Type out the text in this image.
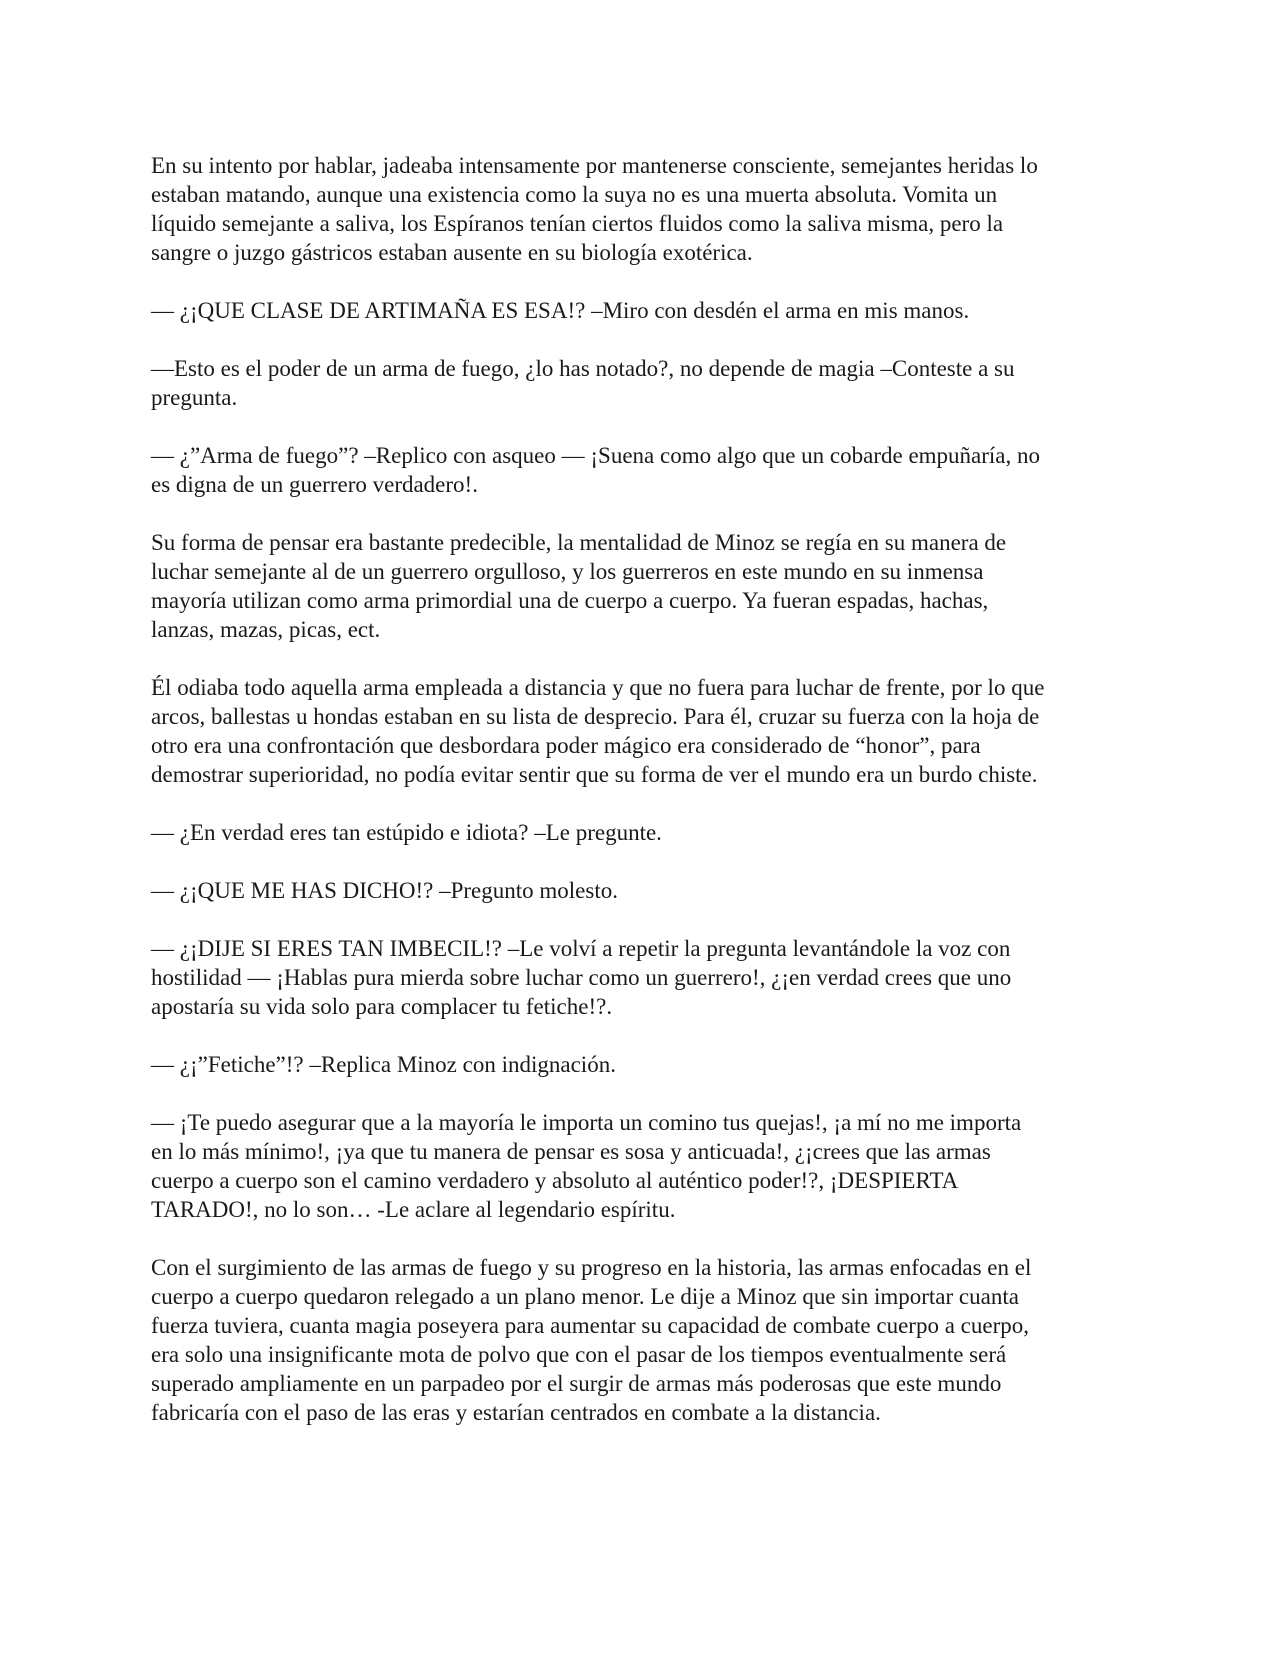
En su intento por hablar, jadeaba intensamente por mantenerse consciente, semejantes heridas lo
estaban matando, aunque una existencia como la suya no es una muerta absoluta. Vomita un
líquido semejante a saliva, los Espíranos tenían ciertos fluidos como la saliva misma, pero la
sangre o juzgo gástricos estaban ausente en su biología exotérica.

— ¿¡QUE CLASE DE ARTIMAÑA ES ESA!? –Miro con desdén el arma en mis manos.

—Esto es el poder de un arma de fuego, ¿lo has notado?, no depende de magia –Conteste a su
pregunta.

— ¿”Arma de fuego”? –Replico con asqueo — ¡Suena como algo que un cobarde empuñaría, no
es digna de un guerrero verdadero!.

Su forma de pensar era bastante predecible, la mentalidad de Minoz se regía en su manera de
luchar semejante al de un guerrero orgulloso, y los guerreros en este mundo en su inmensa
mayoría utilizan como arma primordial una de cuerpo a cuerpo. Ya fueran espadas, hachas,
lanzas, mazas, picas, ect.

Él odiaba todo aquella arma empleada a distancia y que no fuera para luchar de frente, por lo que
arcos, ballestas u hondas estaban en su lista de desprecio. Para él, cruzar su fuerza con la hoja de
otro era una confrontación que desbordara poder mágico era considerado de “honor”, para
demostrar superioridad, no podía evitar sentir que su forma de ver el mundo era un burdo chiste.

— ¿En verdad eres tan estúpido e idiota? –Le pregunte.

— ¿¡QUE ME HAS DICHO!? –Pregunto molesto.

— ¿¡DIJE SI ERES TAN IMBECIL!? –Le volví a repetir la pregunta levantándole la voz con
hostilidad — ¡Hablas pura mierda sobre luchar como un guerrero!, ¿¡en verdad crees que uno
apostaría su vida solo para complacer tu fetiche!?.

— ¿¡”Fetiche”!? –Replica Minoz con indignación.

— ¡Te puedo asegurar que a la mayoría le importa un comino tus quejas!, ¡a mí no me importa
en lo más mínimo!, ¡ya que tu manera de pensar es sosa y anticuada!, ¿¡crees que las armas
cuerpo a cuerpo son el camino verdadero y absoluto al auténtico poder!?, ¡DESPIERTA
TARADO!, no lo son… -Le aclare al legendario espíritu.

Con el surgimiento de las armas de fuego y su progreso en la historia, las armas enfocadas en el
cuerpo a cuerpo quedaron relegado a un plano menor. Le dije a Minoz que sin importar cuanta
fuerza tuviera, cuanta magia poseyera para aumentar su capacidad de combate cuerpo a cuerpo,
era solo una insignificante mota de polvo que con el pasar de los tiempos eventualmente será
superado ampliamente en un parpadeo por el surgir de armas más poderosas que este mundo
fabricaría con el paso de las eras y estarían centrados en combate a la distancia.
